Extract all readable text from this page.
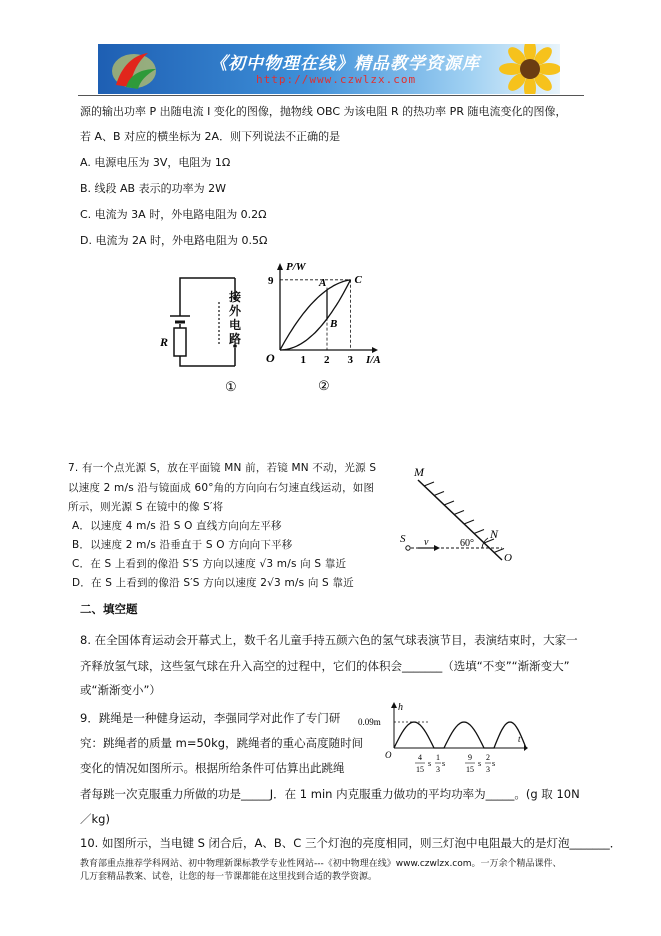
《初中物理在线》精品教学资源库
http://www.czwlzx.com
源的输出功率 P 出随电流 I 变化的图像，抛物线 OBC 为该电阻 R 的热功率 PR 随电流变化的图像，
若 A、B 对应的横坐标为 2A．则下列说法不正确的是
A. 电源电压为 3V，电阻为 1Ω
B. 线段 AB 表示的功率为 2W
C. 电流为 3A 时，外电路电阻为 0.2Ω
D. 电流为 2A 时，外电路电阻为 0.5Ω
R
①
接外电路
P/W
I/A
O
9
1 2 3
A
B
C
②
7. 有一个点光源 S，放在平面镜 MN 前，若镜 MN 不动，光源 S
以速度 2 m/s 沿与镜面成 60°角的方向向右匀速直线运动，如图
所示，则光源 S 在镜中的像 S′将
A．以速度 4 m/s 沿 S O 直线方向向左平移
B．以速度 2 m/s 沿垂直于 S O 方向向下平移
C．在 S 上看到的像沿 S′S 方向以速度 √3 m/s 向 S 靠近
D．在 S 上看到的像沿 S′S 方向以速度 2√3 m/s 向 S 靠近
M
N
S v
O
60°
二、填空题
8. 在全国体育运动会开幕式上，数千名儿童手持五颜六色的氢气球表演节目，表演结束时，大家一
齐释放氢气球，这些氢气球在升入高空的过程中，它们的体积会_______（选填“不变”“渐渐变大”
或“渐渐变小”）
9．跳绳是一种健身运动，李强同学对此作了专门研
究：跳绳者的质量 m=50kg，跳绳者的重心高度随时间
变化的情况如图所示。根据所给条件可估算出此跳绳
者每跳一次克服重力所做的功是_____J．在 1 min 内克服重力做功的平均功率为_____。(g 取 10N
／kg)
h
0.09m
O
t
4
15
s
1
3
s
9
15
s
2
3
s
10. 如图所示，当电键 S 闭合后，A、B、C 三个灯泡的亮度相同，则三灯泡中电阻最大的是灯泡_______．
教育部重点推荐学科网站、初中物理新课标教学专业性网站---《初中物理在线》www.czwlzx.com。一万余个精品课件、
几万套精品教案、试卷，让您的每一节课都能在这里找到合适的教学资源。
